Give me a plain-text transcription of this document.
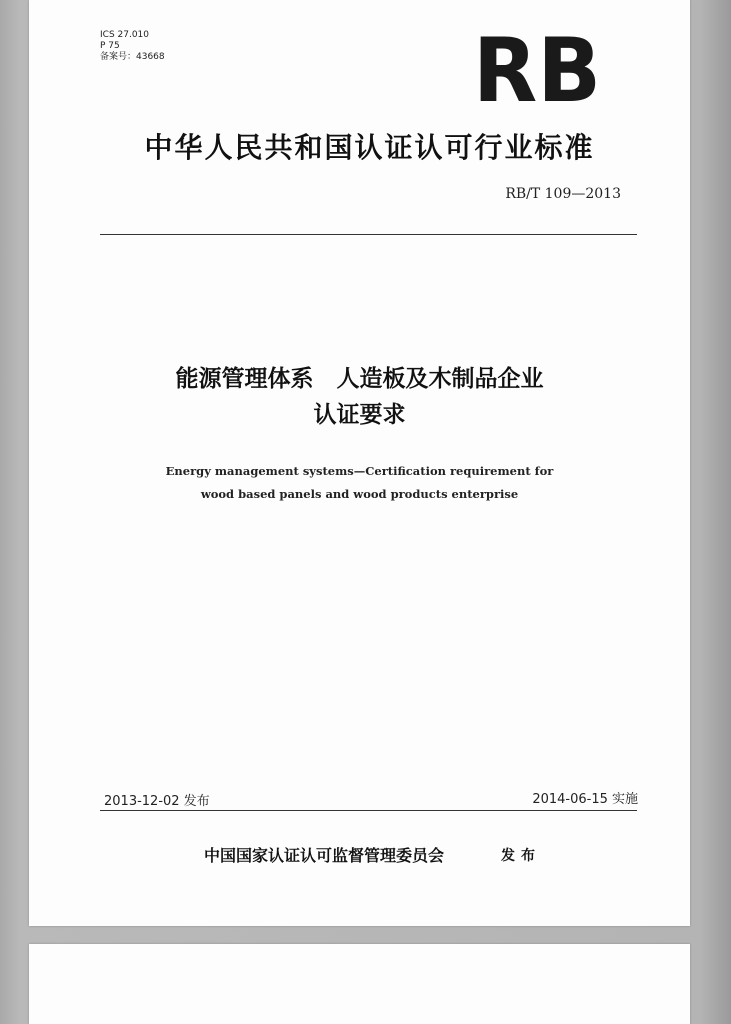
ICS 27.010
P 75
备案号：43668	RB
中华人民共和国认证认可行业标准
RB/T 109—2013
能源管理体系　人造板及木制品企业
认证要求
Energy management systems—Certification requirement for
wood based panels and wood products enterprise
2013-12-02 发布	2014-06-15 实施
中国国家认证认可监督管理委员会	发布
